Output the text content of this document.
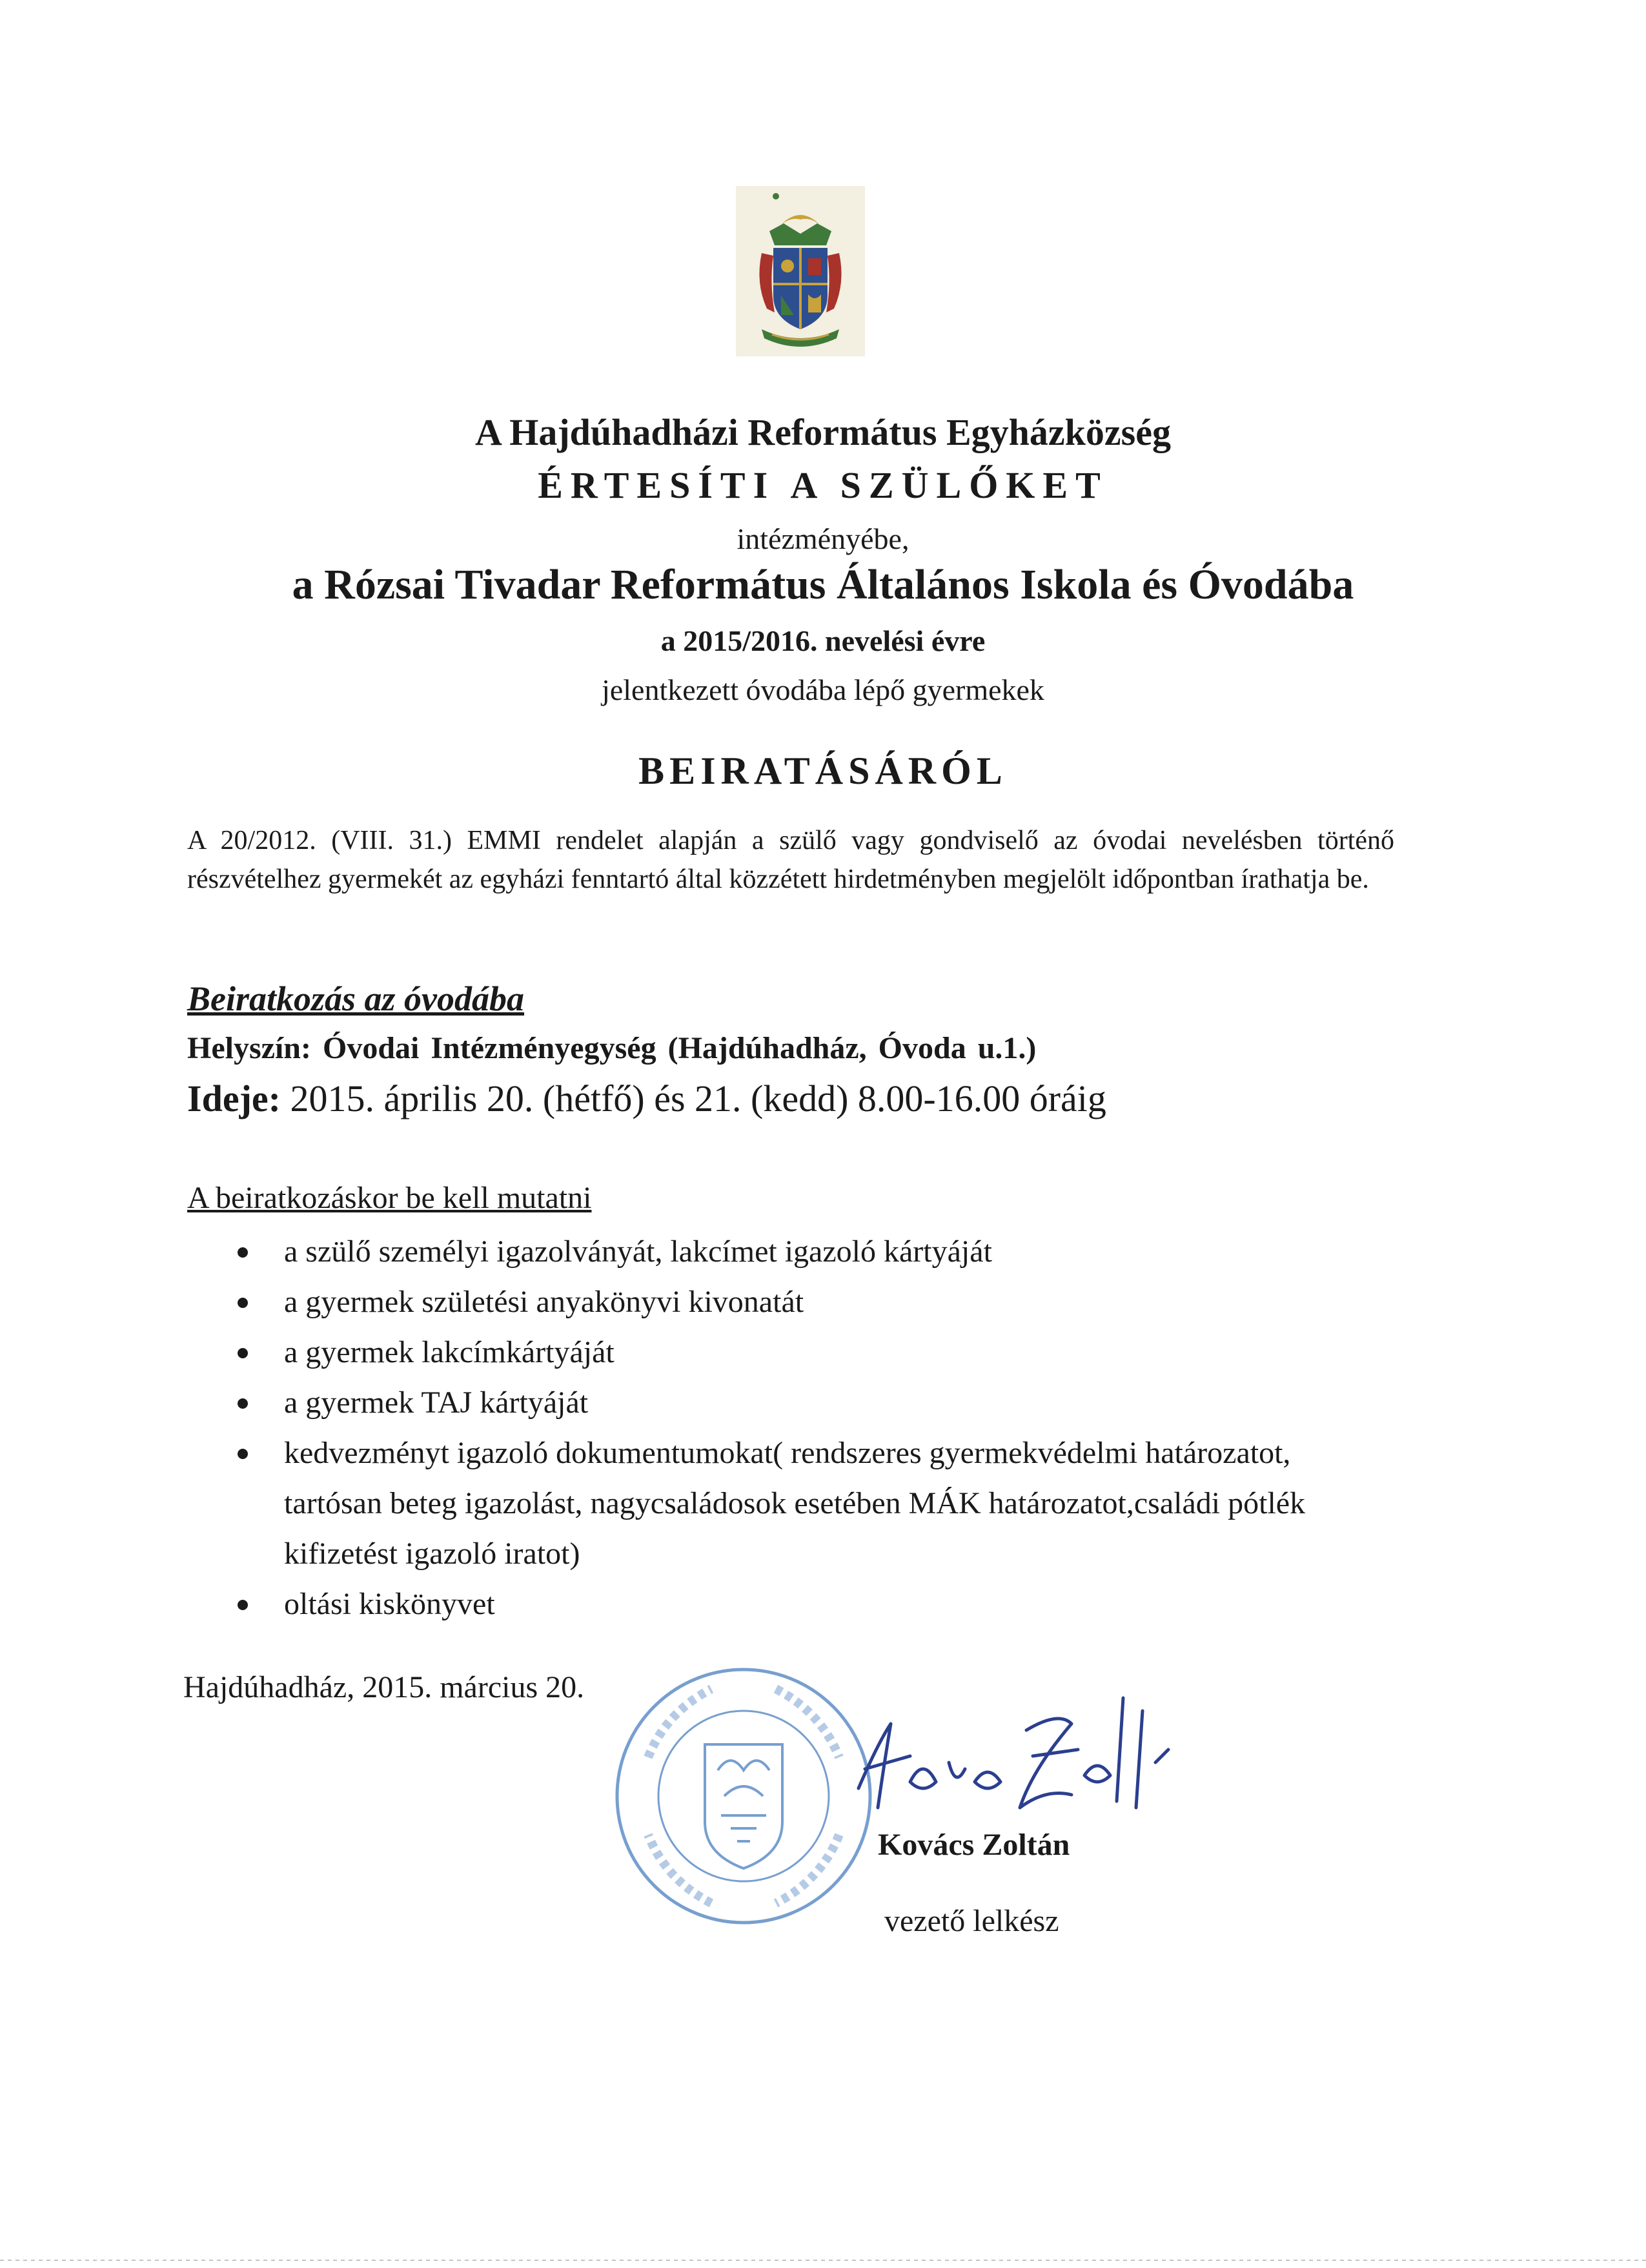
A Hajdúhadházi Református Egyházközség
ÉRTESÍTI A SZÜLŐKET
intézményébe,
a Rózsai Tivadar Református Általános Iskola és Óvodába
a 2015/2016. nevelési évre
jelentkezett óvodába lépő gyermekek
BEIRATÁSÁRÓL
A 20/2012. (VIII. 31.) EMMI rendelet alapján a szülő vagy gondviselő az óvodai nevelésben történő részvételhez gyermekét az egyházi fenntartó által közzétett hirdetményben megjelölt időpontban írathatja be.
Beiratkozás az óvodába
Helyszín: Óvodai Intézményegység (Hajdúhadház, Óvoda u.1.)
Ideje: 2015. április 20. (hétfő) és 21. (kedd) 8.00-16.00 óráig
A beiratkozáskor be kell mutatni
a szülő személyi igazolványát, lakcímet igazoló kártyáját
a gyermek születési anyakönyvi kivonatát
a gyermek lakcímkártyáját
a gyermek TAJ kártyáját
kedvezményt igazoló dokumentumokat( rendszeres gyermekvédelmi határozatot, tartósan beteg igazolást, nagycsaládosok esetében MÁK határozatot,családi pótlék kifizetést igazoló iratot)
oltási kiskönyvet
Hajdúhadház, 2015. március 20.
Kovács Zoltán
vezető lelkész
